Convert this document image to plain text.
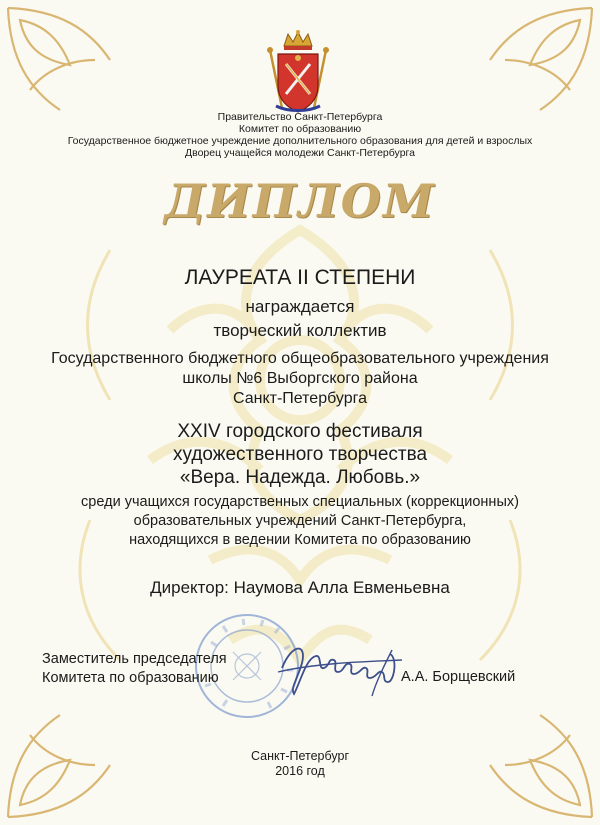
Правительство Санкт-Петербурга
Комитет по образованию
Государственное бюджетное учреждение дополнительного образования для детей и взрослых
Дворец учащейся молодежи Санкт-Петербурга
ДИПЛОМ
ЛАУРЕАТА II СТЕПЕНИ
награждается
творческий коллектив
Государственного бюджетного общеобразовательного учреждения
школы №6 Выборгского района
Санкт-Петербурга
XXIV городского фестиваля
художественного творчества
«Вера. Надежда. Любовь.»
среди учащихся государственных специальных (коррекционных)
образовательных учреждений Санкт-Петербурга,
находящихся в ведении Комитета по образованию
Директор: Наумова Алла Евменьевна
Заместитель председателя
Комитета по образованию	А.А. Борщевский
Санкт-Петербург
2016 год
